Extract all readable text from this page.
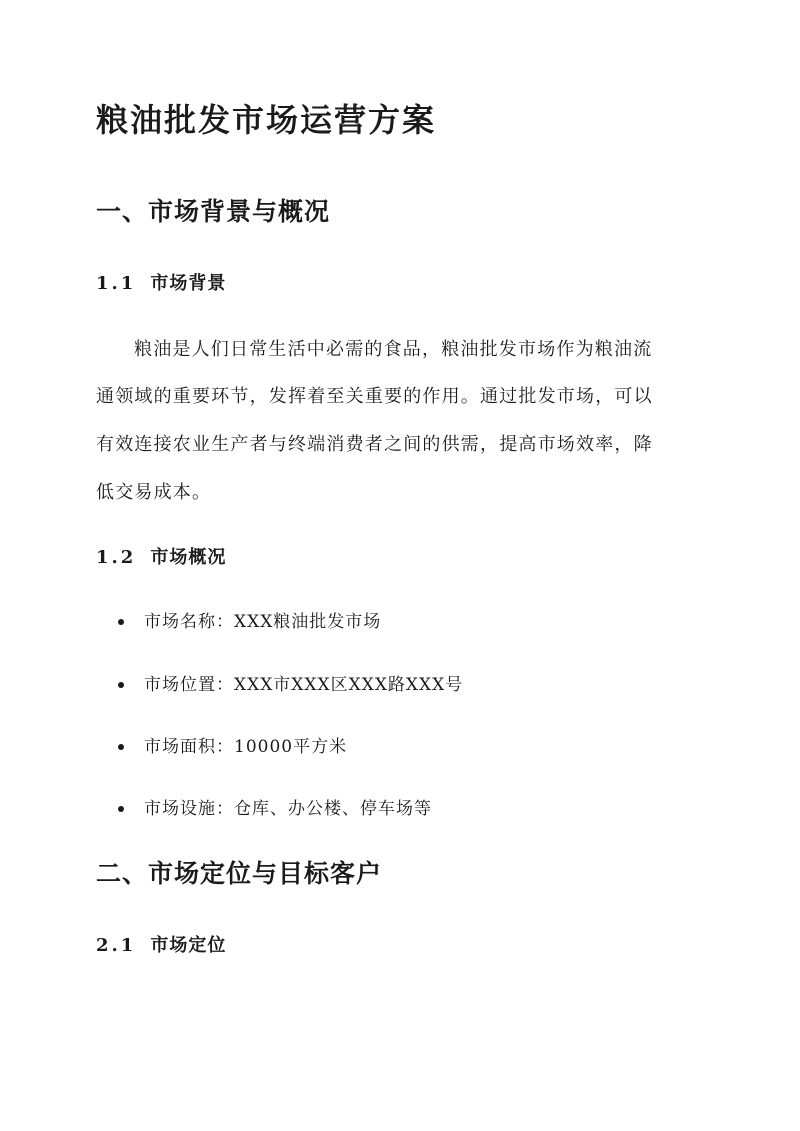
粮油批发市场运营方案
一、市场背景与概况
1.1 市场背景

粮油是人们日常生活中必需的食品，粮油批发市场作为粮油流

通领域的重要环节，发挥着至关重要的作用。通过批发市场，可以

有效连接农业生产者与终端消费者之间的供需，提高市场效率，降

低交易成本。

1.2 市场概况
市场名称：XXX粮油批发市场
市场位置：XXX市XXX区XXX路XXX号
市场面积：10000平方米
市场设施：仓库、办公楼、停车场等
二、市场定位与目标客户
2.1 市场定位
